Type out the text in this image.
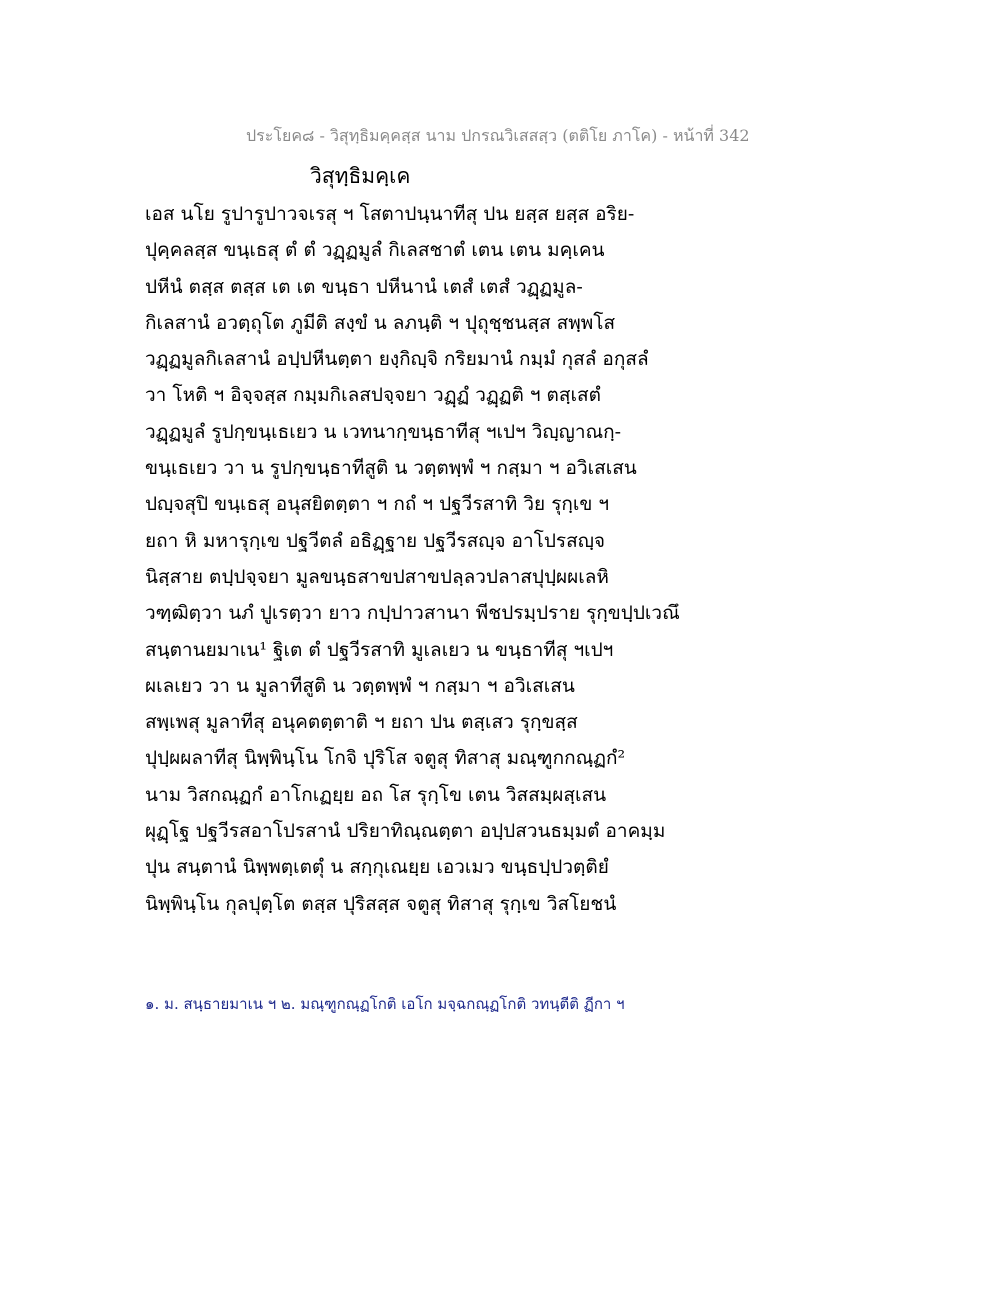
ประโยค๘ - วิสุทฺธิมคฺคสฺส นาม ปกรณวิเสสสฺว (ตติโย ภาโค) - หน้าที่ 342
วิสุทฺธิมคฺเค
เอส นโย รูปารูปาวจเรสุ ฯ โสตาปนฺนาทีสุ ปน ยสฺส ยสฺส อริย-
ปุคฺคลสฺส ขนฺเธสุ ตํ ตํ วฏฺฏมูลํ กิเลสชาตํ เตน เตน มคฺเคน
ปหีนํ ตสฺส ตสฺส เต เต ขนฺธา ปหีนานํ เตสํ เตสํ วฏฺฏมูล-
กิเลสานํ อวตฺถุโต ภูมีติ สงฺขํ น ลภนฺติ ฯ ปุถุชฺชนสฺส สพฺพโส
วฏฺฏมูลกิเลสานํ อปฺปหีนตฺตา ยงฺกิญฺจิ กริยมานํ กมฺมํ กุสลํ อกุสลํ
วา โหติ ฯ อิจฺจสฺส กมฺมกิเลสปจฺจยา วฏฺฏํ วฏฺฏติ ฯ ตสฺเสตํ
วฏฺฏมูลํ รูปกฺขนฺเธเยว น เวทนากฺขนฺธาทีสุ ฯเปฯ วิญฺญาณกฺ-
ขนฺเธเยว วา น รูปกฺขนฺธาทีสูติ น วตฺตพฺพํ ฯ กสฺมา ฯ อวิเสเสน
ปญฺจสุปิ ขนฺเธสุ อนุสยิตตฺตา ฯ กถํ ฯ ปฐวีรสาทิ วิย รุกฺเข ฯ
ยถา หิ มหารุกฺเข ปฐวีตลํ อธิฏฺฐาย ปฐวีรสญฺจ อาโปรสญฺจ
นิสฺสาย ตปฺปจฺจยา มูลขนฺธสาขปสาขปลฺลวปลาสปุปฺผผเลหิ
วฑฺฒิตฺวา นภํ ปูเรตฺวา ยาว กปฺปาวสานา พีชปรมฺปราย รุกฺขปฺปเวณึ
สนฺตานยมาเน¹ ฐิเต ตํ ปฐวีรสาทิ มูเลเยว น ขนฺธาทีสุ ฯเปฯ
ผเลเยว วา น มูลาทีสูติ น วตฺตพฺพํ ฯ กสฺมา ฯ อวิเสเสน
สพฺเพสุ มูลาทีสุ อนุคตตฺตาติ ฯ ยถา ปน ตสฺเสว รุกฺขสฺส
ปุปฺผผลาทีสุ นิพฺพินฺโน โกจิ ปุริโส จตูสุ ทิสาสุ มณฺฑูกกณฺฏกํ²
นาม วิสกณฺฏกํ อาโกเฏยฺย อถ โส รุกฺโข เตน วิสสมฺผสฺเสน
ผุฏฺโฐ ปฐวีรสอาโปรสานํ ปริยาทิณฺณตฺตา อปฺปสวนธมฺมตํ อาคมฺม
ปุน สนฺตานํ นิพฺพตฺเตตุํ น สกฺกุเณยฺย เอวเมว ขนฺธปฺปวตฺติยํ
นิพฺพินฺโน กุลปุตฺโต ตสฺส ปุริสสฺส จตูสุ ทิสาสุ รุกฺเข วิสโยชนํ
๑. ม. สนฺธายมาเน ฯ ๒. มณฺฑูกณฺฏโกติ เอโก มจฺฉกณฺฏโกติ วทนฺตีติ ฏีกา ฯ
